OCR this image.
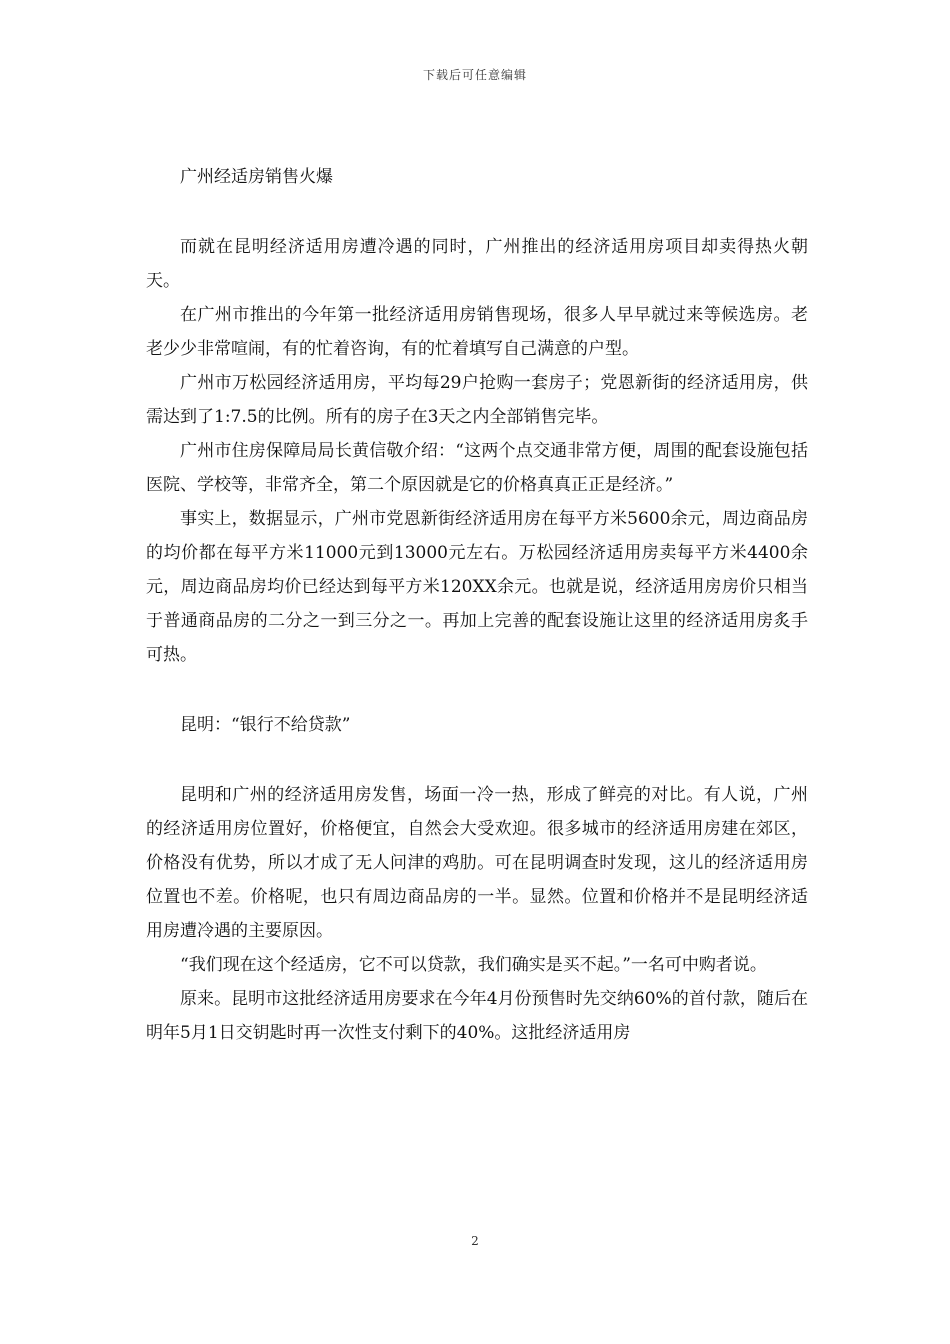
下载后可任意编辑

广州经适房销售火爆

而就在昆明经济适用房遭冷遇的同时，广州推出的经济适用房项目却卖得热火朝天。

在广州市推出的今年第一批经济适用房销售现场，很多人早早就过来等候选房。老老少少非常喧闹，有的忙着咨询，有的忙着填写自己满意的户型。

广州市万松园经济适用房，平均每29户抢购一套房子；党恩新街的经济适用房，供需达到了1:7.5的比例。所有的房子在3天之内全部销售完毕。

广州市住房保障局局长黄信敬介绍：“这两个点交通非常方便，周围的配套设施包括医院、学校等，非常齐全，第二个原因就是它的价格真真正正是经济。”

事实上，数据显示，广州市党恩新街经济适用房在每平方米5600余元，周边商品房的均价都在每平方米11000元到13000元左右。万松园经济适用房卖每平方米4400余元，周边商品房均价已经达到每平方米120XX余元。也就是说，经济适用房房价只相当于普通商品房的二分之一到三分之一。再加上完善的配套设施让这里的经济适用房炙手可热。

昆明：“银行不给贷款”

昆明和广州的经济适用房发售，场面一冷一热，形成了鲜亮的对比。有人说，广州的经济适用房位置好，价格便宜，自然会大受欢迎。很多城市的经济适用房建在郊区，价格没有优势，所以才成了无人问津的鸡肋。可在昆明调查时发现，这儿的经济适用房位置也不差。价格呢，也只有周边商品房的一半。显然。位置和价格并不是昆明经济适用房遭冷遇的主要原因。

“我们现在这个经适房，它不可以贷款，我们确实是买不起。”一名可中购者说。

原来。昆明市这批经济适用房要求在今年4月份预售时先交纳60%的首付款，随后在明年5月1日交钥匙时再一次性支付剩下的40%。这批经济适用房

2
